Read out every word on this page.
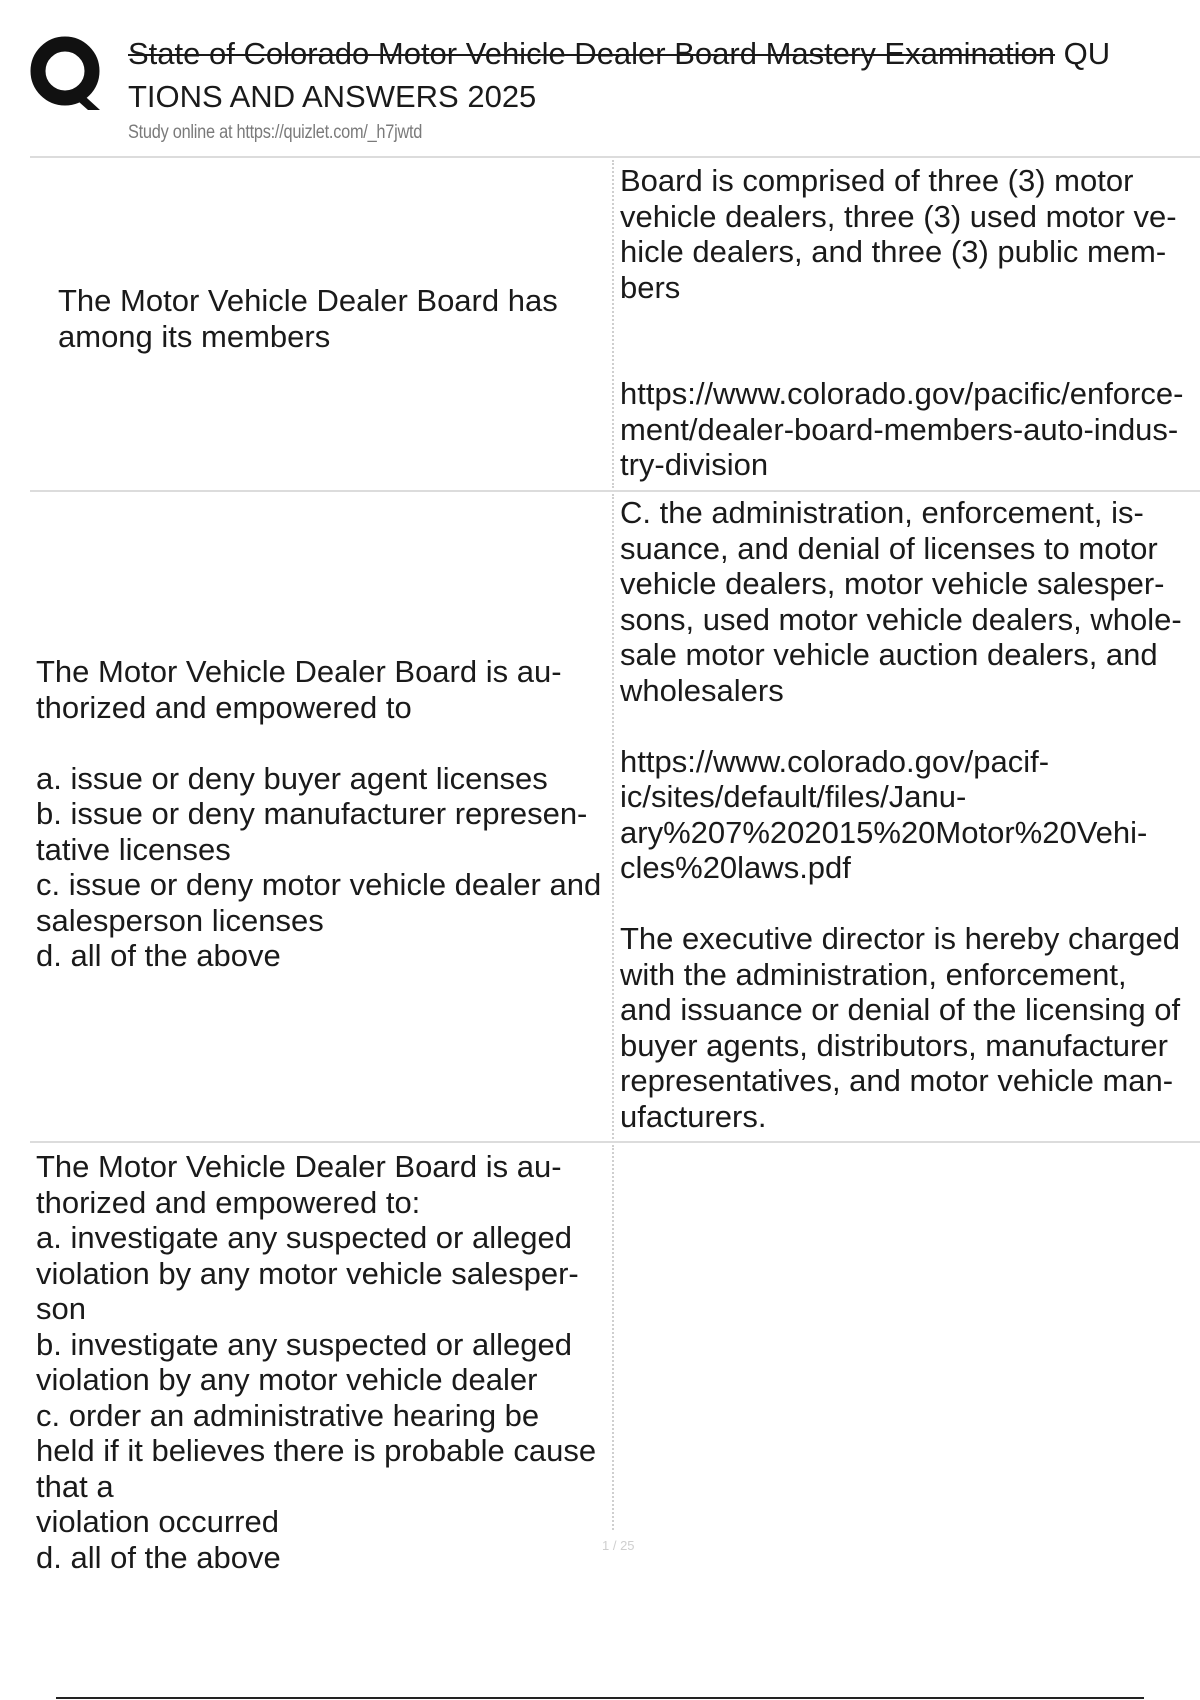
State of Colorado Motor Vehicle Dealer Board Mastery Examination QU
TIONS AND ANSWERS 2025
Study online at https://quizlet.com/_h7jwtd
The Motor Vehicle Dealer Board has among its members
Board is comprised of three (3) motor vehicle dealers, three (3) used motor ve-
hicle dealers, and three (3) public mem-
bers

https://www.colorado.gov/pacific/enforce-
ment/dealer-board-members-auto-indus-
try-division
The Motor Vehicle Dealer Board is au-
thorized and empowered to

a. issue or deny buyer agent licenses
b. issue or deny manufacturer represen-
tative licenses
c. issue or deny motor vehicle dealer and
salesperson licenses
d. all of the above
C. the administration, enforcement, is-
suance, and denial of licenses to motor
vehicle dealers, motor vehicle salesper-
sons, used motor vehicle dealers, whole-
sale motor vehicle auction dealers, and
wholesalers

https://www.colorado.gov/pacif-
ic/sites/default/files/Janu-
ary%207%202015%20Motor%20Vehi-
cles%20laws.pdf

The executive director is hereby charged
with the administration, enforcement,
and issuance or denial of the licensing of
buyer agents, distributors, manufacturer
representatives, and motor vehicle man-
ufacturers.
The Motor Vehicle Dealer Board is au-
thorized and empowered to:
a. investigate any suspected or alleged
violation by any motor vehicle salesper-
son
b. investigate any suspected or alleged
violation by any motor vehicle dealer
c. order an administrative hearing be
held if it believes there is probable cause
that a
violation occurred
d. all of the above	1 / 25
